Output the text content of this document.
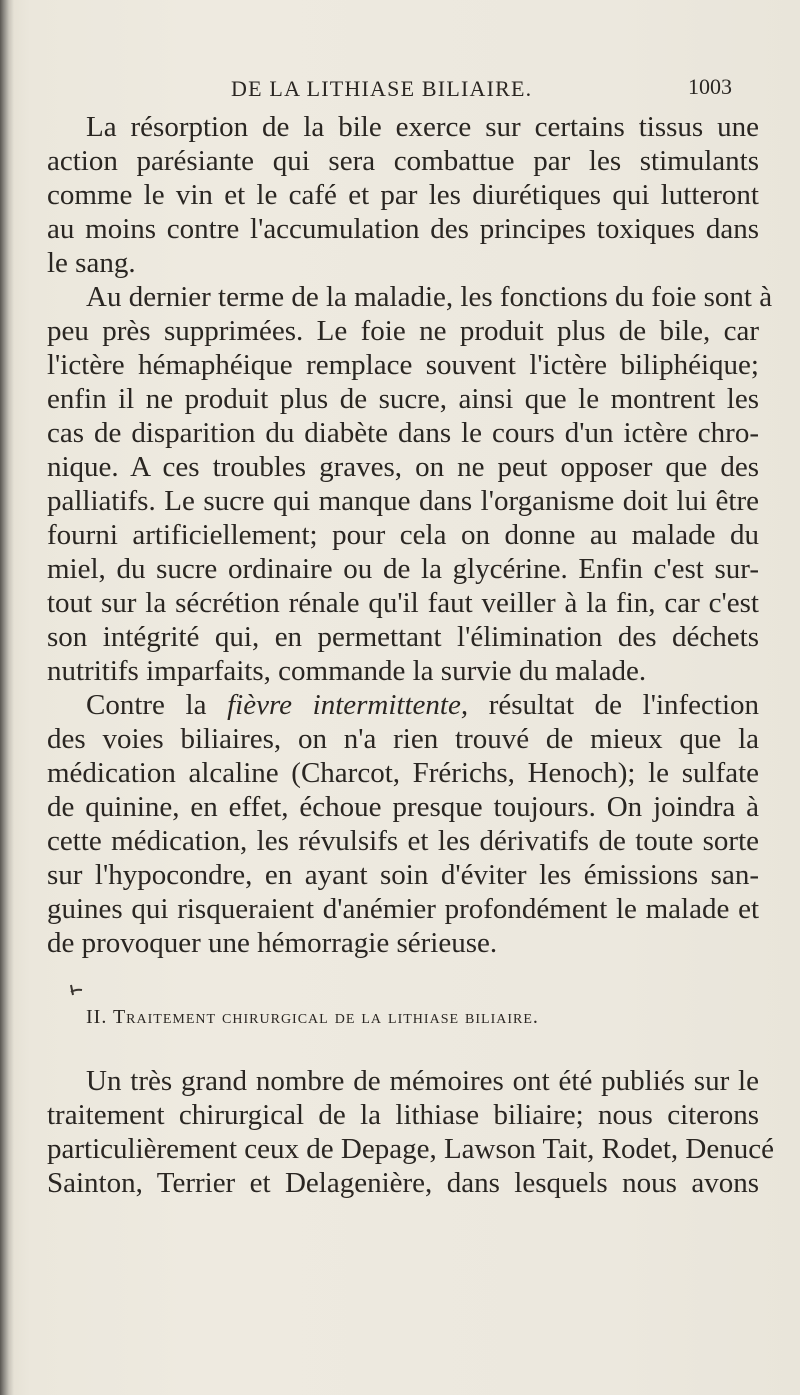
DE LA LITHIASE BILIAIRE.	1003
La résorption de la bile exerce sur certains tissus une
action parésiante qui sera combattue par les stimulants
comme le vin et le café et par les diurétiques qui lutteront
au moins contre l'accumulation des principes toxiques dans
le sang.
Au dernier terme de la maladie, les fonctions du foie sont à
peu près supprimées. Le foie ne produit plus de bile, car
l'ictère hémaphéique remplace souvent l'ictère biliphéique;
enfin il ne produit plus de sucre, ainsi que le montrent les
cas de disparition du diabète dans le cours d'un ictère chro-
nique. A ces troubles graves, on ne peut opposer que des
palliatifs. Le sucre qui manque dans l'organisme doit lui être
fourni artificiellement; pour cela on donne au malade du
miel, du sucre ordinaire ou de la glycérine. Enfin c'est sur-
tout sur la sécrétion rénale qu'il faut veiller à la fin, car c'est
son intégrité qui, en permettant l'élimination des déchets
nutritifs imparfaits, commande la survie du malade.
Contre la fièvre intermittente, résultat de l'infection
des voies biliaires, on n'a rien trouvé de mieux que la
médication alcaline (Charcot, Frérichs, Henoch); le sulfate
de quinine, en effet, échoue presque toujours. On joindra à
cette médication, les révulsifs et les dérivatifs de toute sorte
sur l'hypocondre, en ayant soin d'éviter les émissions san-
guines qui risqueraient d'anémier profondément le malade et
de provoquer une hémorragie sérieuse.
II. Traitement chirurgical de la lithiase biliaire.
Un très grand nombre de mémoires ont été publiés sur le
traitement chirurgical de la lithiase biliaire; nous citerons
particulièrement ceux de Depage, Lawson Tait, Rodet, Denucé
Sainton, Terrier et Delagenière, dans lesquels nous avons
